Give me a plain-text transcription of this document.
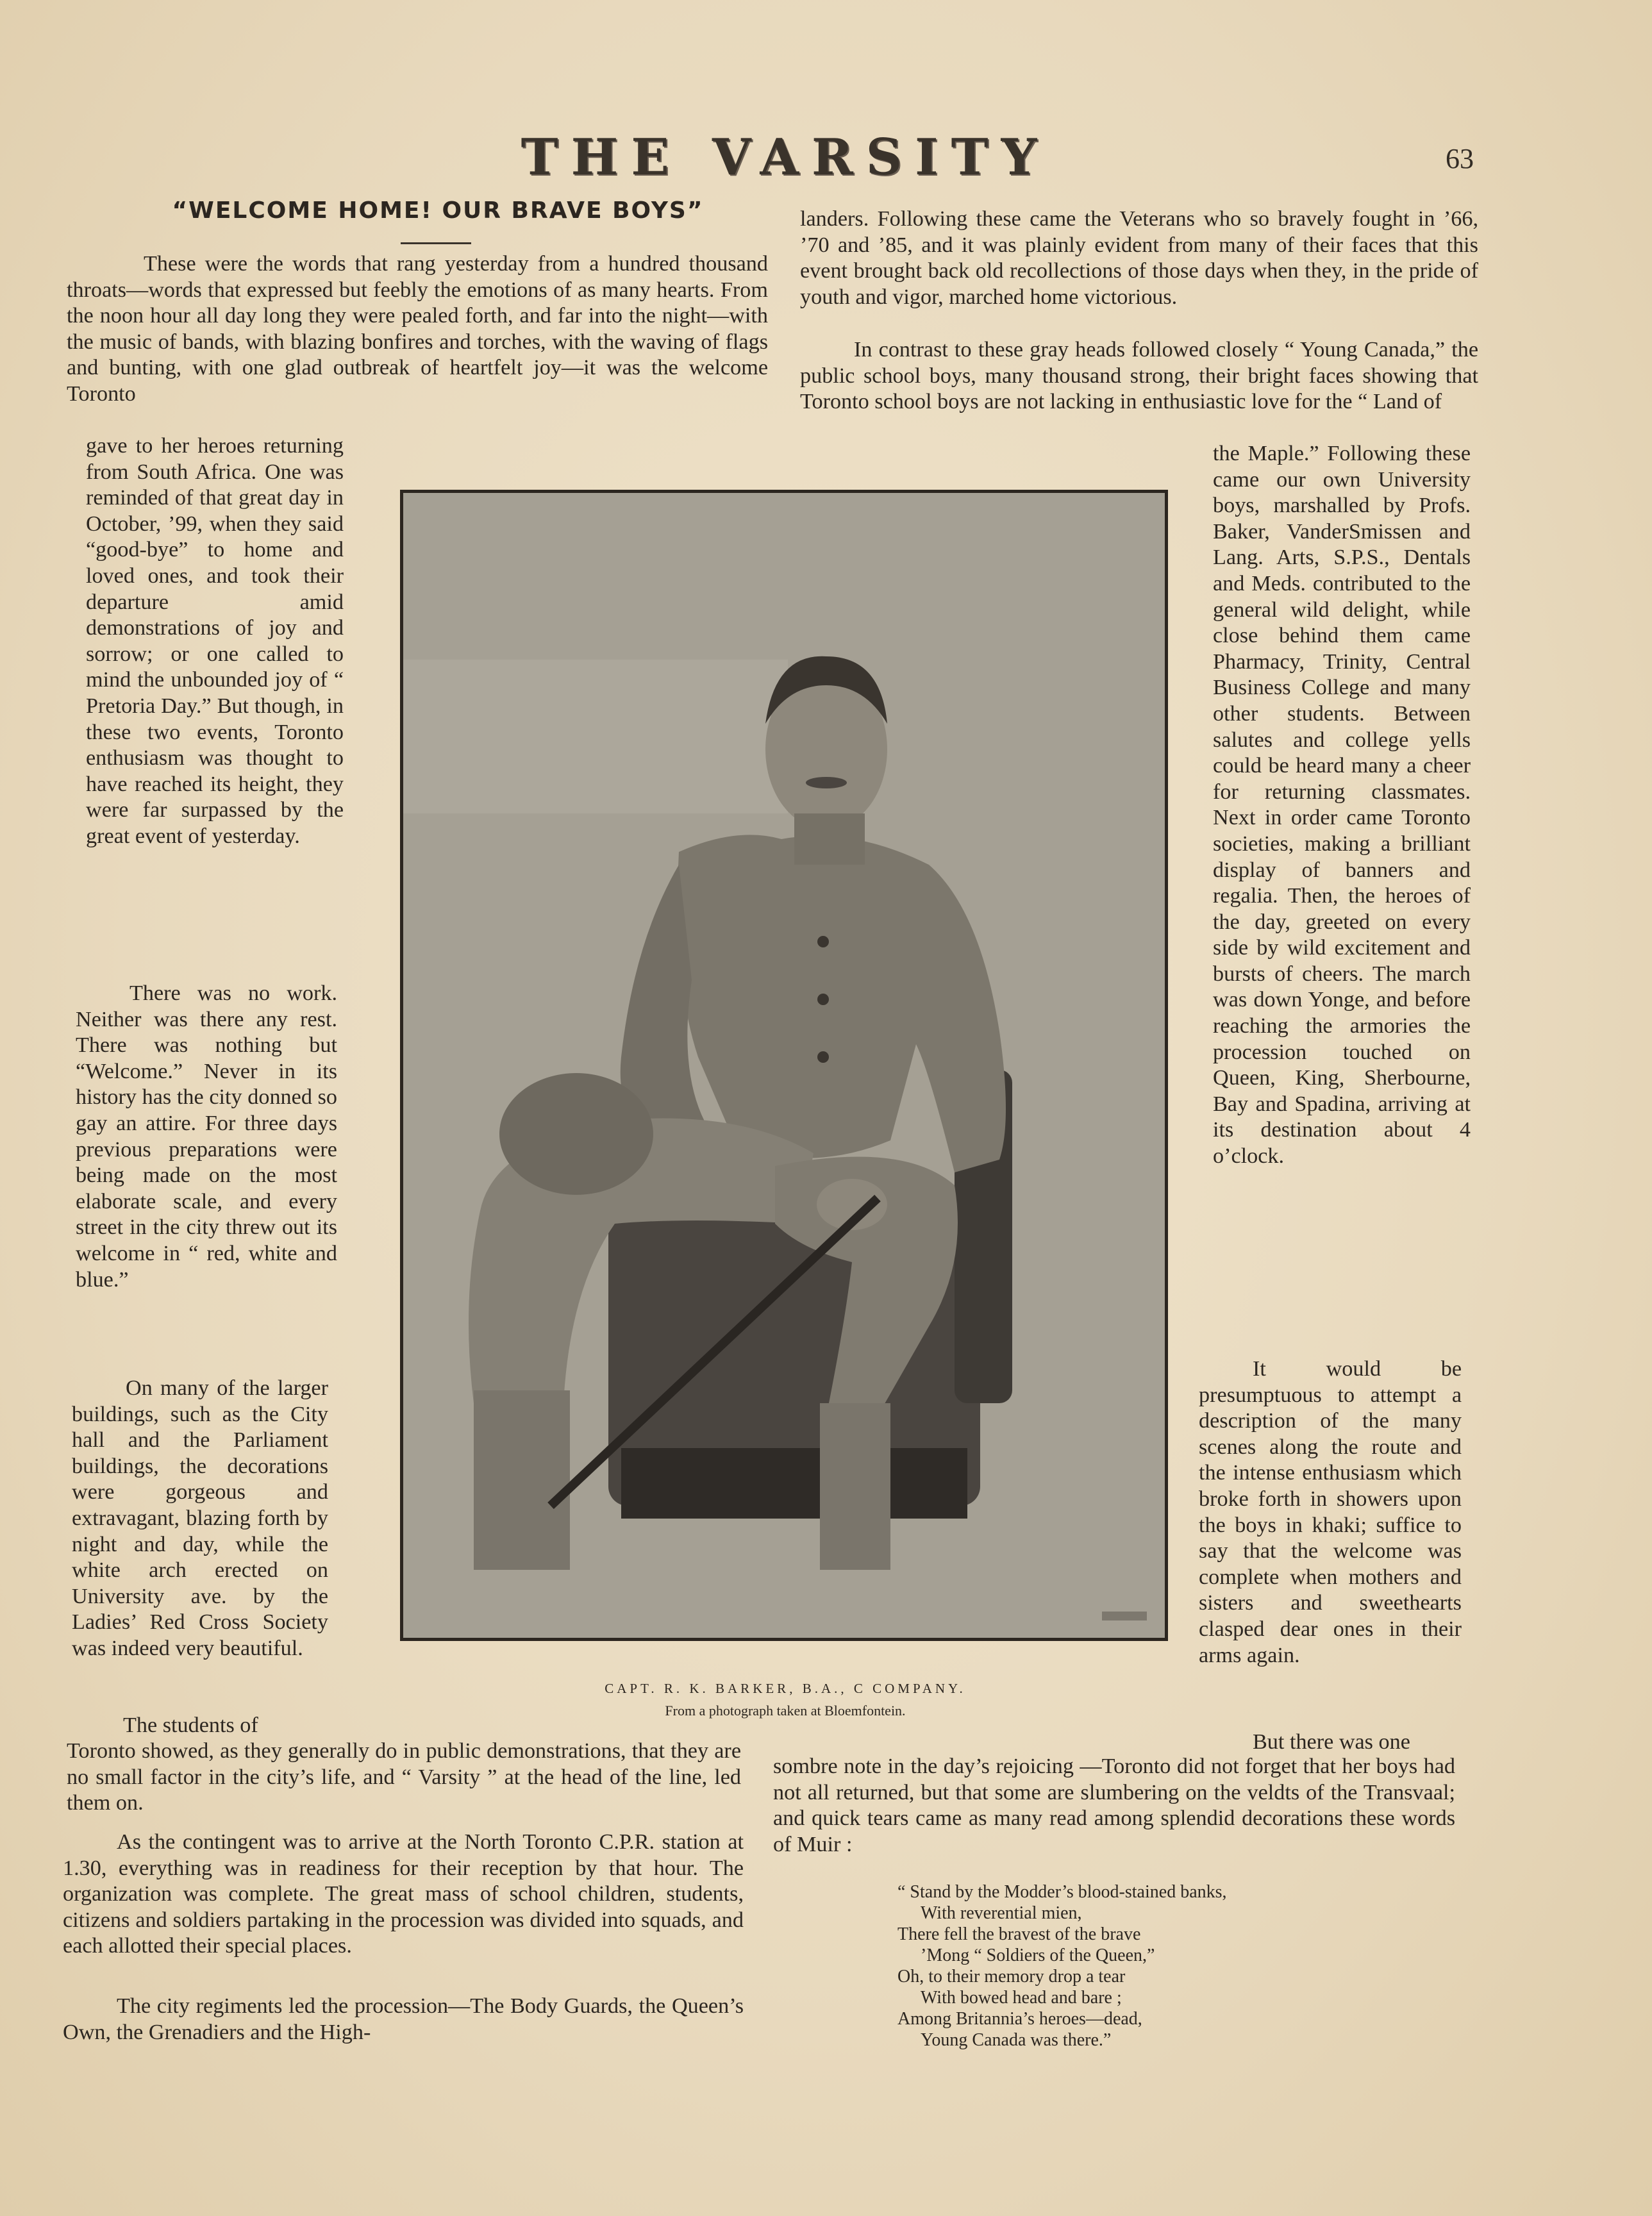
THE VARSITY	63
“WELCOME HOME! OUR BRAVE BOYS”

These were the words that rang yesterday from a hundred thousand throats—words that expressed but feebly the emotions of as many hearts. From the noon hour all day long they were pealed forth, and far into the night—with the music of bands, with blazing bonfires and torches, with the waving of flags and bunting, with one glad outbreak of heartfelt joy—it was the welcome Toronto

gave to her heroes returning from South Africa. One was reminded of that great day in October, ’99, when they said “good-bye” to home and loved ones, and took their departure amid demonstrations of joy and sorrow; or one called to mind the unbounded joy of “ Pretoria Day.” But though, in these two events, Toronto enthusiasm was thought to have reached its height, they were far surpassed by the great event of yesterday.

There was no work. Neither was there any rest. There was nothing but “Welcome.” Never in its history has the city donned so gay an attire. For three days previous preparations were being made on the most elaborate scale, and every street in the city threw out its welcome in “ red, white and blue.”

On many of the larger buildings, such as the City hall and the Parliament buildings, the decorations were gorgeous and extravagant, blazing forth by night and day, while the white arch erected on University ave. by the Ladies’ Red Cross Society was indeed very beautiful.

The students of

Toronto showed, as they generally do in public demonstrations, that they are no small factor in the city’s life, and “ Varsity ” at the head of the line, led them on.

As the contingent was to arrive at the North Toronto C.P.R. station at 1.30, everything was in readiness for their reception by that hour. The organization was complete. The great mass of school children, students, citizens and soldiers partaking in the procession was divided into squads, and each allotted their special places.

The city regiments led the procession—The Body Guards, the Queen’s Own, the Grenadiers and the High-

landers. Following these came the Veterans who so bravely fought in ’66, ’70 and ’85, and it was plainly evident from many of their faces that this event brought back old recollections of those days when they, in the pride of youth and vigor, marched home victorious.

In contrast to these gray heads followed closely “ Young Canada,” the public school boys, many thousand strong, their bright faces showing that Toronto school boys are not lacking in enthusiastic love for the “ Land of

the Maple.” Following these came our own University boys, marshalled by Profs. Baker, VanderSmissen and Lang. Arts, S.P.S., Dentals and Meds. contributed to the general wild delight, while close behind them came Pharmacy, Trinity, Central Business College and many other students. Between salutes and college yells could be heard many a cheer for returning classmates. Next in order came Toronto societies, making a brilliant display of banners and regalia. Then, the heroes of the day, greeted on every side by wild excitement and bursts of cheers. The march was down Yonge, and before reaching the armories the procession touched on Queen, King, Sherbourne, Bay and Spadina, arriving at its destination about 4 o’clock.

It would be presumptuous to attempt a description of the many scenes along the route and the intense enthusiasm which broke forth in showers upon the boys in khaki; suffice to say that the welcome was complete when mothers and sisters and sweethearts clasped dear ones in their arms again.

But there was one

sombre note in the day’s rejoicing —Toronto did not forget that her boys had not all returned, but that some are slumbering on the veldts of the Transvaal; and quick tears came as many read among splendid decorations these words of Muir :

“ Stand by the Modder’s blood-stained banks,
With reverential mien,
There fell the bravest of the brave
’Mong “ Soldiers of the Queen,”
Oh, to their memory drop a tear
With bowed head and bare ;
Among Britannia’s heroes—dead,
Young Canada was there.”
CAPT. R. K. BARKER, B.A., C COMPANY.
From a photograph taken at Bloemfontein.
